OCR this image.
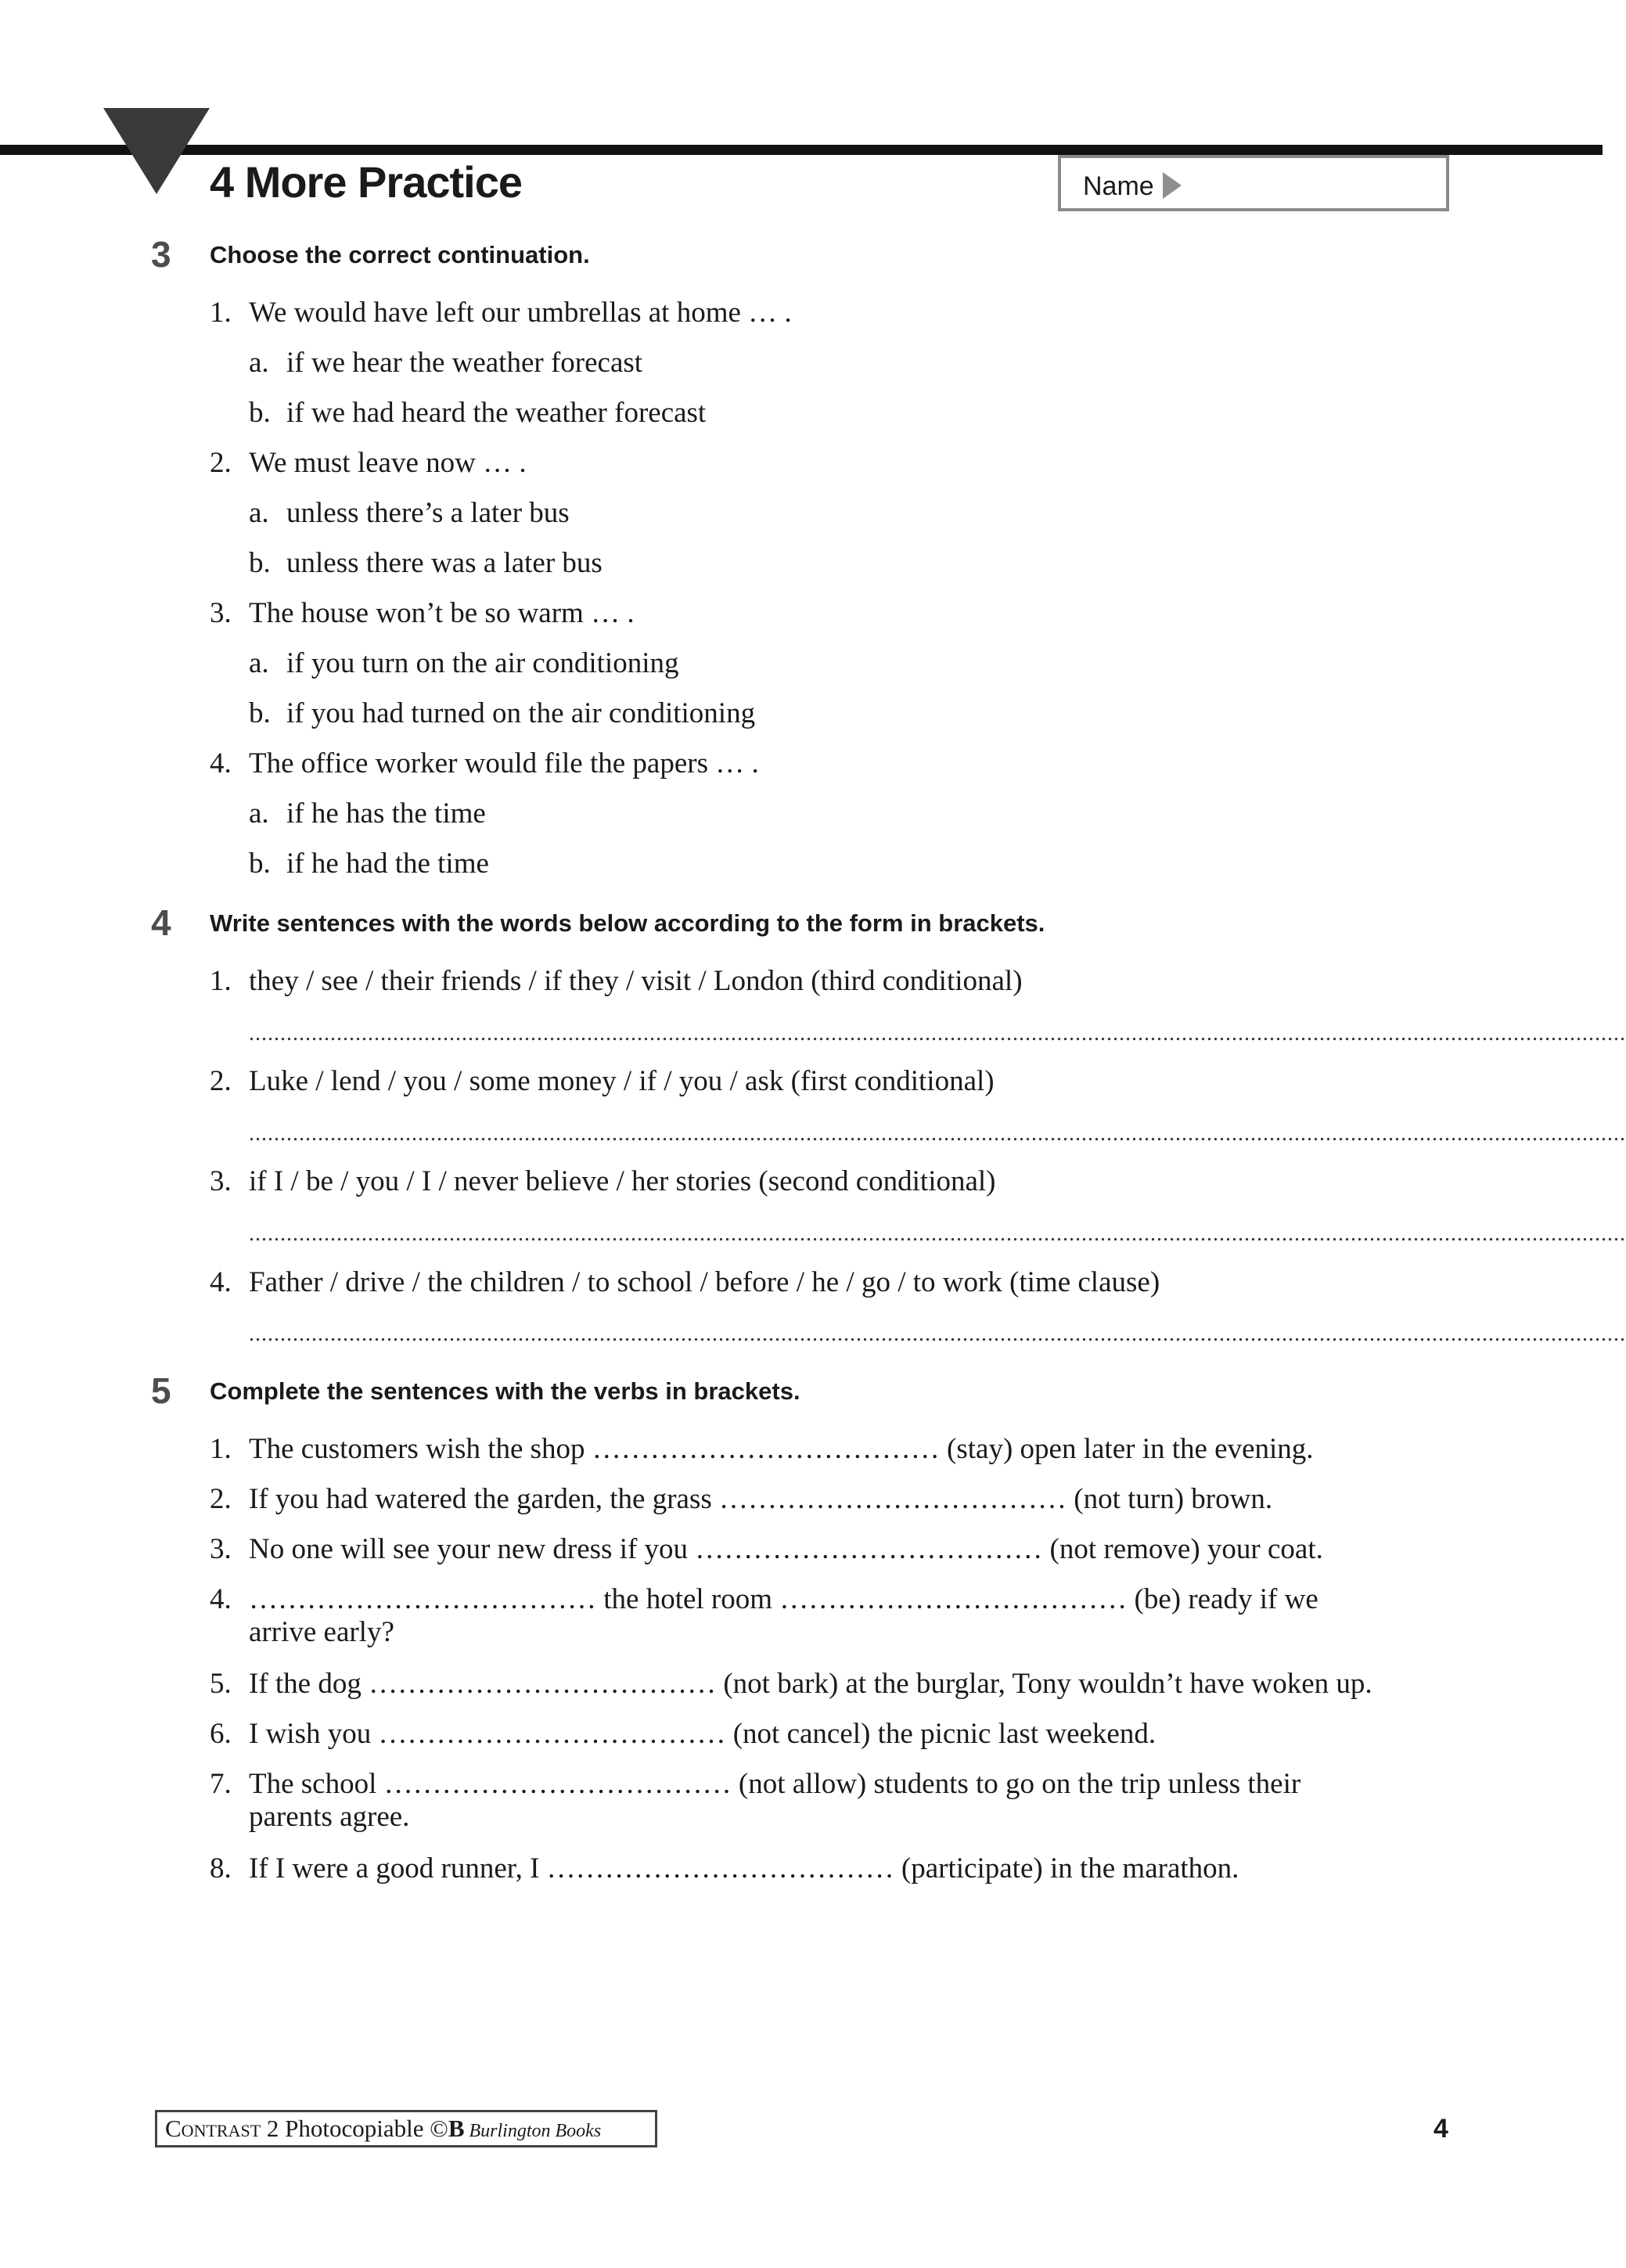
4 More Practice	Name
3	Choose the correct continuation.

1. We would have left our umbrellas at home … .
a. if we hear the weather forecast
b. if we had heard the weather forecast
2. We must leave now … .
a. unless there’s a later bus
b. unless there was a later bus
3. The house won’t be so warm … .
a. if you turn on the air conditioning
b. if you had turned on the air conditioning
4. The office worker would file the papers … .
a. if he has the time
b. if he had the time
4	Write sentences with the words below according to the form in brackets.

1. they / see / their friends / if they / visit / London (third conditional)
............................................................................................................................................................................................................................
2. Luke / lend / you / some money / if / you / ask (first conditional)
............................................................................................................................................................................................................................
3. if I / be / you / I / never believe / her stories (second conditional)
............................................................................................................................................................................................................................
4. Father / drive / the children / to school / before / he / go / to work (time clause)
............................................................................................................................................................................................................................
5	Complete the sentences with the verbs in brackets.

1. The customers wish the shop ……………………………… (stay) open later in the evening.
2. If you had watered the garden, the grass ……………………………… (not turn) brown.
3. No one will see your new dress if you ……………………………… (not remove) your coat.
4. ……………………………… the hotel room ……………………………… (be) ready if we
arrive early?
5. If the dog ……………………………… (not bark) at the burglar, Tony wouldn’t have woken up.
6. I wish you ……………………………… (not cancel) the picnic last weekend.
7. The school ……………………………… (not allow) students to go on the trip unless their
parents agree.
8. If I were a good runner, I ……………………………… (participate) in the marathon.
Contrast 2 Photocopiable ©B Burlington Books	4
